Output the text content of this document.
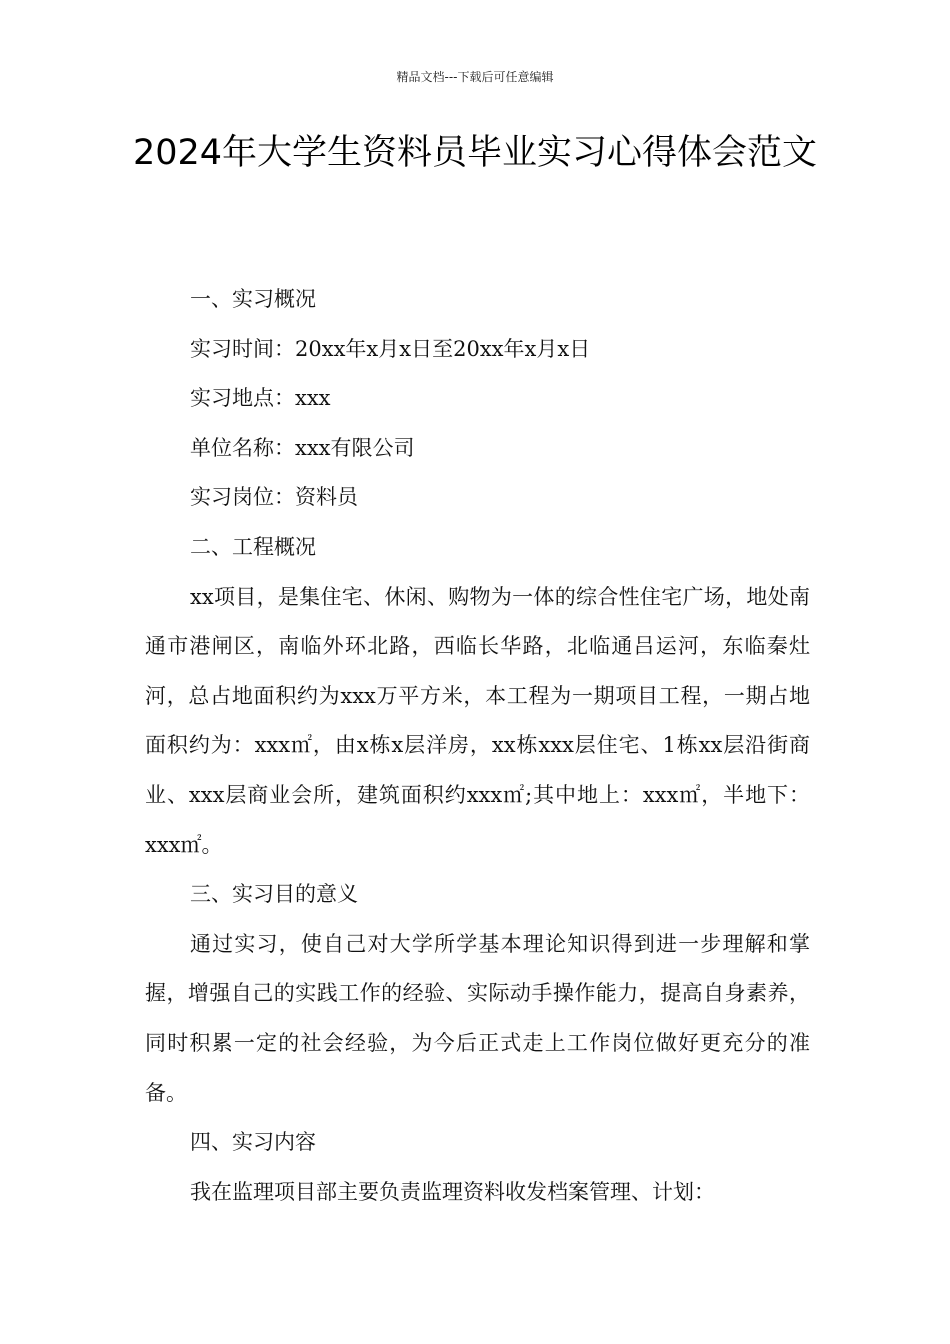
精品文档---下载后可任意编辑
2024年大学生资料员毕业实习心得体会范文

一、实习概况

实习时间：20xx年x月x日至20xx年x月x日

实习地点：xxx

单位名称：xxx有限公司

实习岗位：资料员

二、工程概况

xx项目，是集住宅、休闲、购物为一体的综合性住宅广场，地处南通市港闸区，南临外环北路，西临长华路，北临通吕运河，东临秦灶河，总占地面积约为xxx万平方米，本工程为一期项目工程，一期占地面积约为：xxx㎡，由x栋x层洋房，xx栋xxx层住宅、1栋xx层沿街商业、xxx层商业会所，建筑面积约xxx㎡;其中地上：xxx㎡，半地下：xxx㎡。

三、实习目的意义

通过实习，使自己对大学所学基本理论知识得到进一步理解和掌握，增强自己的实践工作的经验、实际动手操作能力，提高自身素养，同时积累一定的社会经验，为今后正式走上工作岗位做好更充分的准备。

四、实习内容

我在监理项目部主要负责监理资料收发档案管理、计划：
